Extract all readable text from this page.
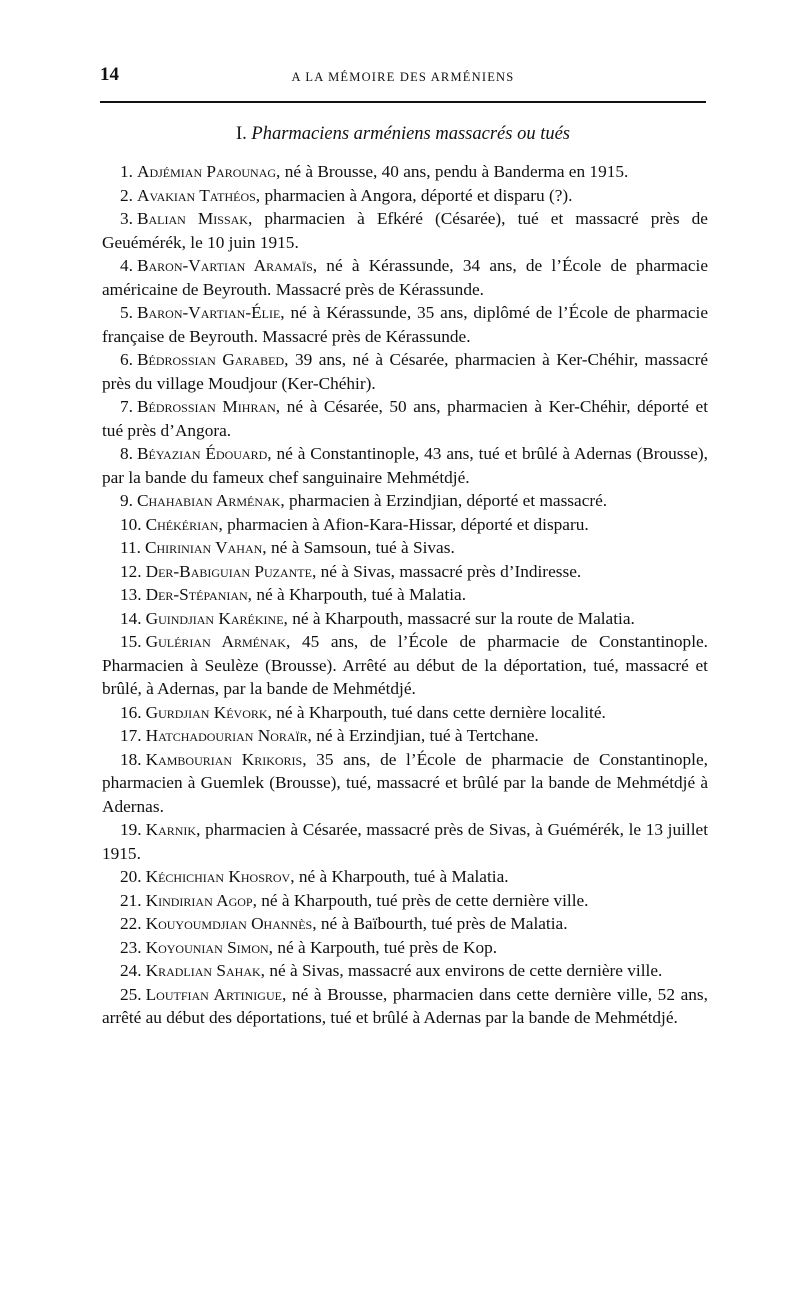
14	A LA MÉMOIRE DES ARMÉNIENS
I. Pharmaciens arméniens massacrés ou tués

1. Adjémian Parounag, né à Brousse, 40 ans, pendu à Banderma en 1915.

2. Avakian Tathéos, pharmacien à Angora, déporté et disparu (?).

3. Balian Missak, pharmacien à Efkéré (Césarée), tué et massacré près de Geuémérék, le 10 juin 1915.

4. Baron-Vartian Aramaïs, né à Kérassunde, 34 ans, de l’École de pharmacie américaine de Beyrouth. Massacré près de Kérassunde.

5. Baron-Vartian-Élie, né à Kérassunde, 35 ans, diplômé de l’École de pharmacie française de Beyrouth. Massacré près de Kérassunde.

6. Bédrossian Garabed, 39 ans, né à Césarée, pharmacien à Ker-Chéhir, massacré près du village Moudjour (Ker-Chéhir).

7. Bédrossian Mihran, né à Césarée, 50 ans, pharmacien à Ker-Chéhir, déporté et tué près d’Angora.

8. Béyazian Édouard, né à Constantinople, 43 ans, tué et brûlé à Adernas (Brousse), par la bande du fameux chef sanguinaire Mehmétdjé.

9. Chahabian Arménak, pharmacien à Erzindjian, déporté et massacré.

10. Chékérian, pharmacien à Afion-Kara-Hissar, déporté et disparu.

11. Chirinian Vahan, né à Samsoun, tué à Sivas.

12. Der-Babiguian Puzante, né à Sivas, massacré près d’Indiresse.

13. Der-Stépanian, né à Kharpouth, tué à Malatia.

14. Guindjian Karékine, né à Kharpouth, massacré sur la route de Malatia.

15. Gulérian Arménak, 45 ans, de l’École de pharmacie de Constantinople. Pharmacien à Seulèze (Brousse). Arrêté au début de la déportation, tué, massacré et brûlé, à Adernas, par la bande de Mehmétdjé.

16. Gurdjian Kévork, né à Kharpouth, tué dans cette dernière localité.

17. Hatchadourian Noraïr, né à Erzindjian, tué à Tertchane.

18. Kambourian Krikoris, 35 ans, de l’École de pharmacie de Constantinople, pharmacien à Guemlek (Brousse), tué, massacré et brûlé par la bande de Mehmétdjé à Adernas.

19. Karnik, pharmacien à Césarée, massacré près de Sivas, à Guémérék, le 13 juillet 1915.

20. Kéchichian Khosrov, né à Kharpouth, tué à Malatia.

21. Kindirian Agop, né à Kharpouth, tué près de cette dernière ville.

22. Kouyoumdjian Ohannès, né à Baïbourth, tué près de Malatia.

23. Koyounian Simon, né à Karpouth, tué près de Kop.

24. Kradlian Sahak, né à Sivas, massacré aux environs de cette dernière ville.

25. Loutfian Artinigue, né à Brousse, pharmacien dans cette dernière ville, 52 ans, arrêté au début des déportations, tué et brûlé à Adernas par la bande de Mehmétdjé.
